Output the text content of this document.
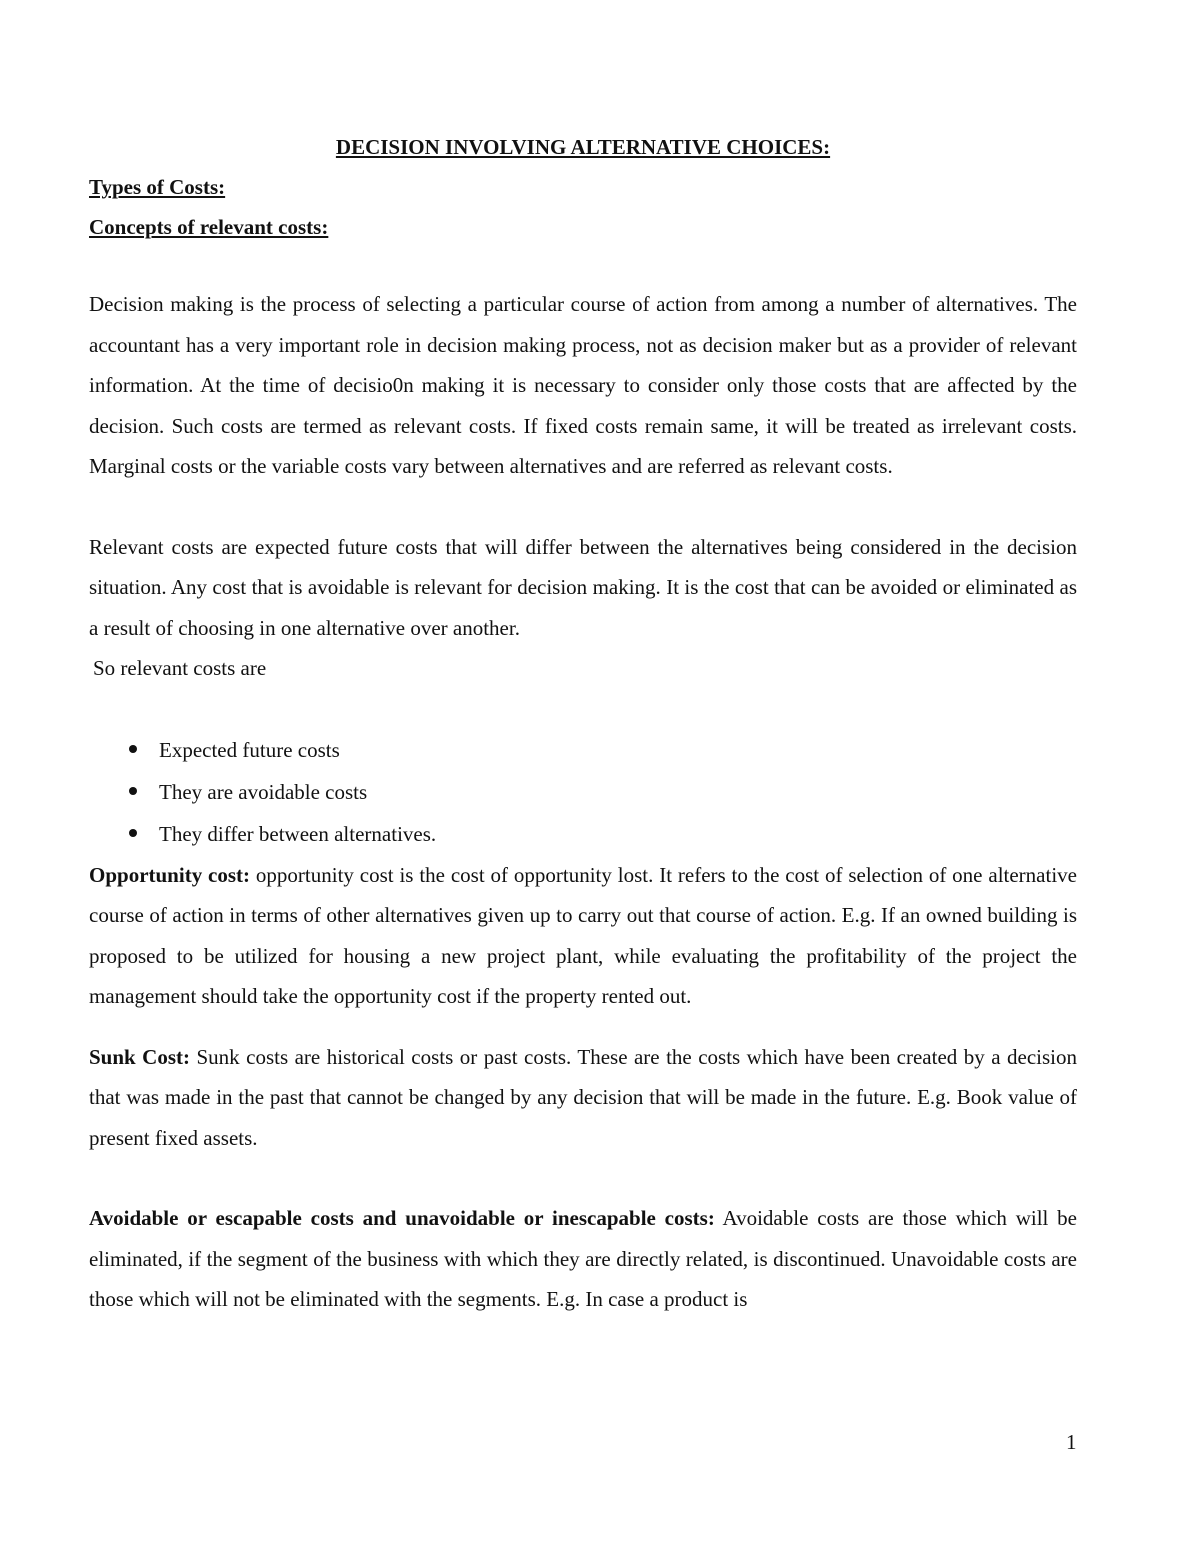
DECISION INVOLVING ALTERNATIVE CHOICES:
Types of Costs:
Concepts of relevant costs:

Decision making is the process of selecting a particular course of action from among a number of alternatives. The accountant has a very important role in decision making process, not as decision maker but as a provider of relevant information. At the time of decisio0n making it is necessary to consider only those costs that are affected by the decision. Such costs are termed as relevant costs. If fixed costs remain same, it will be treated as irrelevant costs. Marginal costs or the variable costs vary between alternatives and are referred as relevant costs.

Relevant costs are expected future costs that will differ between the alternatives being considered in the decision situation. Any cost that is avoidable is relevant for decision making. It is the cost that can be avoided or eliminated as a result of choosing in one alternative over another.

So relevant costs are

Expected future costs
They are avoidable costs
They differ between alternatives.

Opportunity cost: opportunity cost is the cost of opportunity lost. It refers to the cost of selection of one alternative course of action in terms of other alternatives given up to carry out that course of action. E.g. If an owned building is proposed to be utilized for housing a new project plant, while evaluating the profitability of the project the management should take the opportunity cost if the property rented out.

Sunk Cost: Sunk costs are historical costs or past costs. These are the costs which have been created by a decision that was made in the past that cannot be changed by any decision that will be made in the future. E.g. Book value of present fixed assets.

Avoidable or escapable costs and unavoidable or inescapable costs: Avoidable costs are those which will be eliminated, if the segment of the business with which they are directly related, is discontinued. Unavoidable costs are those which will not be eliminated with the segments. E.g. In case a product is

1
